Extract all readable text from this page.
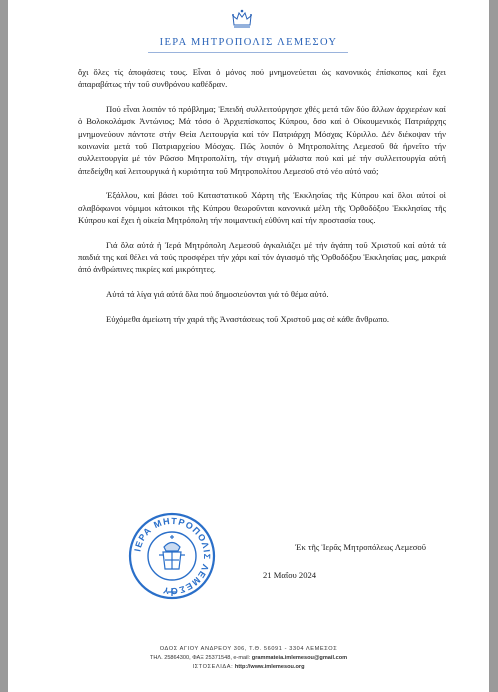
ΙΕΡΑ ΜΗΤΡΟΠΟΛΙΣ ΛΕΜΕΣΟΥ

ὄχι ὅλες τίς ἀποφάσεις τους. Εἶναι ὁ μόνος πού μνημονεύεται ὡς κανονικός ἐπίσκοπος καί ἔχει ἀπαραβάτως τήν τοῦ συνθρόνου καθέδραν.

Πού εἶναι λοιπόν τό πρόβλημα; Ἐπειδή συλλειτούργησε χθές μετά τῶν δύο ἄλλων ἀρχιερέων καί ὁ Βολοκολάμσκ Ἀντώνιος; Μά τόσο ὁ Ἀρχιεπίσκοπος Κύπρου, ὅσο καί ὁ Οἰκουμενικός Πατριάρχης μνημονεύουν πάντοτε στήν Θεία Λειτουργία καί τόν Πατριάρχη Μόσχας Κύριλλο. Δέν διέκοψαν τήν κοινωνία μετά τοῦ Πατριαρχείου Μόσχας. Πῶς λοιπόν ὁ Μητροπολίτης Λεμεσοῦ θά ἠρνεῖτο τήν συλλειτουργία μέ τόν Ρῶσσο Μητροπολίτη, τήν στιγμή μάλιστα πού καί μέ τήν συλλειτουργία αὐτή ἀπεδείχθη καί λειτουργικά ἡ κυριότητα τοῦ Μητροπολίτου Λεμεσοῦ στό νέο αὐτό ναό;

Ἐξάλλου, καί βάσει τοῦ Καταστατικοῦ Χάρτη τῆς Ἐκκλησίας τῆς Κύπρου καί ὅλοι αὐτοί οἱ σλαβόφωνοι νόμιμοι κάτοικοι τῆς Κύπρου θεωροῦνται κανονικά μέλη τῆς Ὀρθοδόξου Ἐκκλησίας τῆς Κύπρου καί ἔχει ἡ οἰκεία Μητρόπολη τήν ποιμαντική εὐθύνη καί τήν προστασία τους.

Γιά ὅλα αὐτά ἡ Ἱερά Μητρόπολη Λεμεσοῦ ἀγκαλιάζει μέ τήν ἀγάπη τοῦ Χριστοῦ καί αὐτά τά παιδιά της καί θέλει νά τούς προσφέρει τήν χάρι καί τόν ἁγιασμό τῆς Ὀρθοδόξου Ἐκκλησίας μας, μακριά ἀπό ἀνθρώπινες πικρίες καί μικρότητες.

Αὐτά τά λίγα γιά αὐτά ὅλα πού δημοσιεύονται γιά τό θέμα αὐτό.

Εὐχόμεθα ἀμείωτη τήν χαρά τῆς Ἀναστάσεως τοῦ Χριστοῦ μας σέ κάθε ἄνθρωπο.

ΙΕΡΑ ΜΗΤΡΟΠΟΛΙΣ ΛΕΜΕΣΟΥ
Ἐκ τῆς Ἱερᾶς Μητροπόλεως Λεμεσοῦ
21 Μαΐου 2024
ΟΔΟΣ ΑΓΙΟΥ ΑΝΔΡΕΟΥ 306, Τ.Θ. 56091 - 3304 ΛΕΜΕΣΟΣ
ΤΗΛ. 25864300, ΦΑΞ 25371548, e-mail: grammateia.imlemesou@gmail.com
ΙΣΤΟΣΕΛΙΔΑ: http://www.imlemesou.org
